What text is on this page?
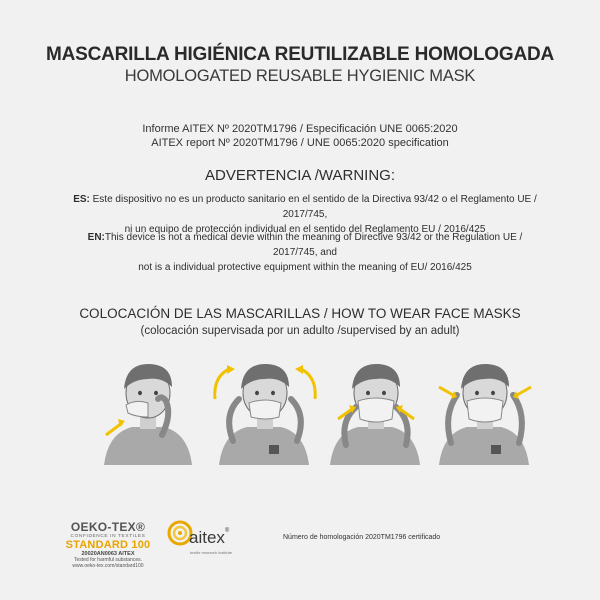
MASCARILLA HIGIÉNICA REUTILIZABLE HOMOLOGADA
HOMOLOGATED REUSABLE HYGIENIC MASK
Informe AITEX Nº 2020TM1796 / Especificación UNE 0065:2020
AITEX report Nº 2020TM1796 / UNE 0065:2020 specification
ADVERTENCIA /WARNING:
ES: Este dispositivo no es un producto sanitario en el sentido de la Directiva 93/42 o el Reglamento UE / 2017/745,
ni un equipo de protección individual en el sentido del Reglamento EU / 2016/425
EN:This device is not a medical devie within the meaning of Directive 93/42 or the Regulation UE / 2017/745, and
not is a individual protective equipment within the meaning of EU/ 2016/425
COLOCACIÓN DE LAS MASCARILLAS / HOW TO WEAR FACE MASKS
(colocación supervisada por un adulto /supervised by an adult)
OEKO-TEX®
CONFIDENCE IN TEXTILES
STANDARD 100
20020AN0063 AITEX
Tested for harmful substances.
www.oeko-tex.com/standard100
aitex®
textile research institute
Número de homologación 2020TM1796 certificado
